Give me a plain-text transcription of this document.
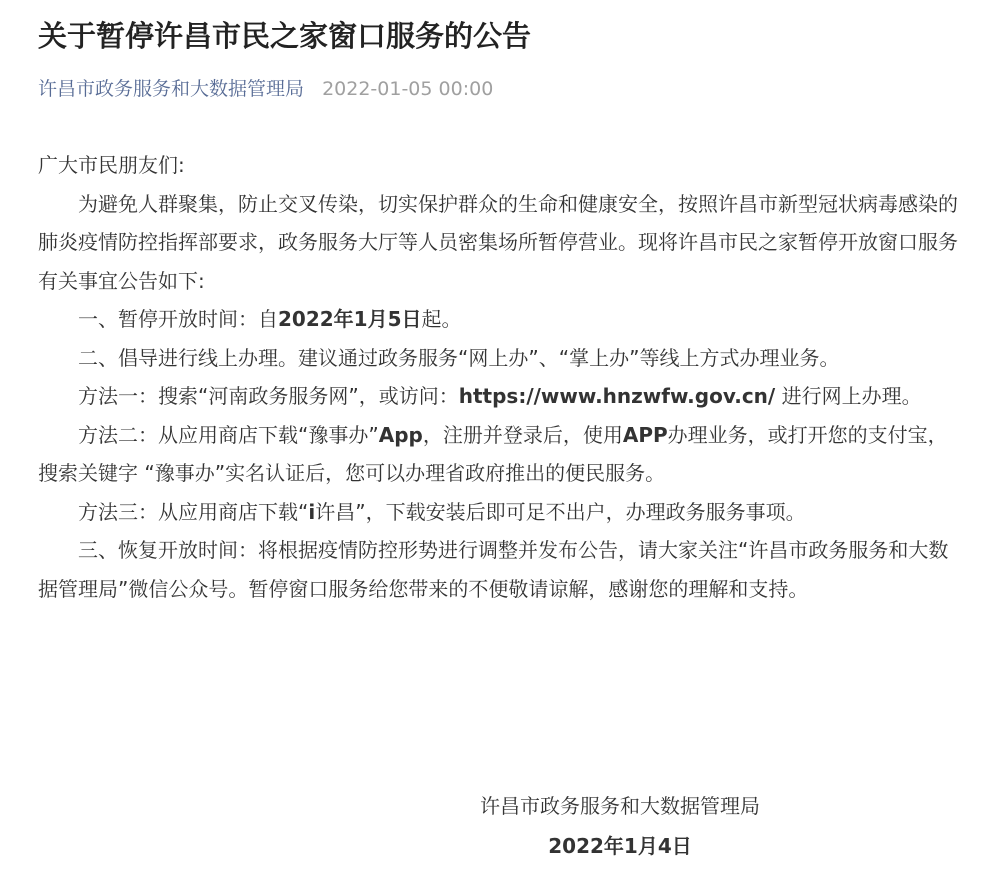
关于暂停许昌市民之家窗口服务的公告
许昌市政务服务和大数据管理局 2022-01-05 00:00

广大市民朋友们:

为避免人群聚集，防止交叉传染，切实保护群众的生命和健康安全，按照许昌市新型冠状病毒感染的肺炎疫情防控指挥部要求，政务服务大厅等人员密集场所暂停营业。现将许昌市民之家暂停开放窗口服务有关事宜公告如下:

一、暂停开放时间：自2022年1月5日起。

二、倡导进行线上办理。建议通过政务服务“网上办”、“掌上办”等线上方式办理业务。

方法一：搜索“河南政务服务网”，或访问：https://www.hnzwfw.gov.cn/ 进行网上办理。

方法二：从应用商店下载“豫事办”App，注册并登录后，使用APP办理业务，或打开您的支付宝，搜索关键字 “豫事办”实名认证后，您可以办理省政府推出的便民服务。

方法三：从应用商店下载“i许昌”，下载安装后即可足不出户，办理政务服务事项。

三、恢复开放时间：将根据疫情防控形势进行调整并发布公告，请大家关注“许昌市政务服务和大数据管理局”微信公众号。暂停窗口服务给您带来的不便敬请谅解，感谢您的理解和支持。

许昌市政务服务和大数据管理局

2022年1月4日
